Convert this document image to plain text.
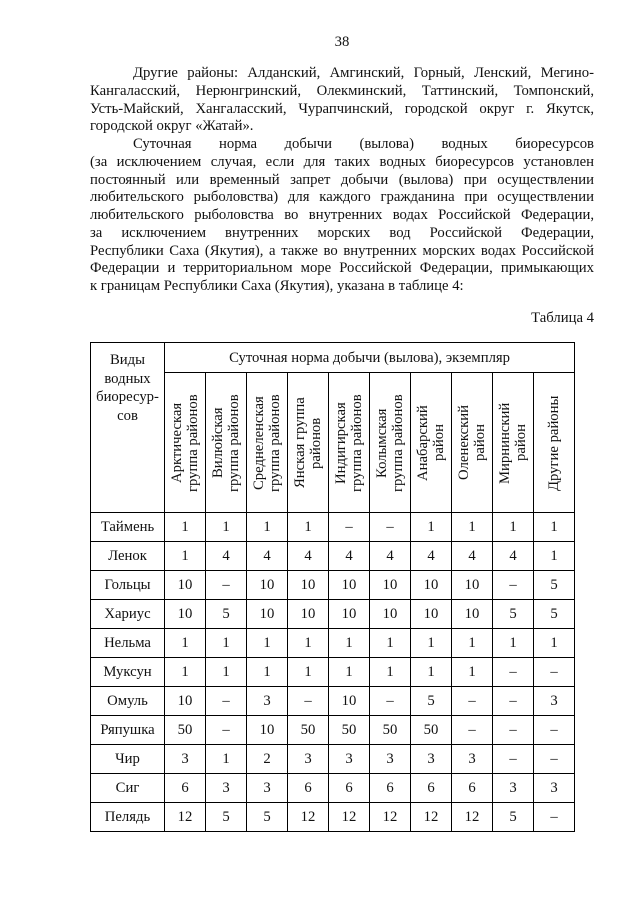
38
Другие районы: Алданский, Амгинский, Горный, Ленский, Мегино-
Кангаласский, Нерюнгринский, Олекминский, Таттинский, Томпонский,
Усть-Майский, Хангаласский, Чурапчинский, городской округ г. Якутск,
городской округ «Жатай».
Суточная норма добычи (вылова) водных биоресурсов
(за исключением случая, если для таких водных биоресурсов установлен
постоянный или временный запрет добычи (вылова) при осуществлении
любительского рыболовства) для каждого гражданина при осуществлении
любительского рыболовства во внутренних водах Российской Федерации,
за исключением внутренних морских вод Российской Федерации,
Республики Саха (Якутия), а также во внутренних морских водах Российской
Федерации и территориальном море Российской Федерации, примыкающих
к границам Республики Саха (Якутия), указана в таблице 4:
Таблица 4
Виды
водных
биоресур-
сов	Суточная норма добычи (вылова), экземпляр									

	Арктическая группа районов	Вилюйская группа районов	Среднеленская группа районов	Янская группа районов	Индигирская группа районов	Колымская группа районов	Анабарский район	Оленекский район	Мирнинский район	Другие районы

Таймень	1	1	1	1	–	–	1	1	1	1
Ленок	1	4	4	4	4	4	4	4	4	1
Гольцы	10	–	10	10	10	10	10	10	–	5
Хариус	10	5	10	10	10	10	10	10	5	5
Нельма	1	1	1	1	1	1	1	1	1	1
Муксун	1	1	1	1	1	1	1	1	–	–
Омуль	10	–	3	–	10	–	5	–	–	3
Ряпушка	50	–	10	50	50	50	50	–	–	–
Чир	3	1	2	3	3	3	3	3	–	–
Сиг	6	3	3	6	6	6	6	6	3	3
Пелядь	12	5	5	12	12	12	12	12	5	–
